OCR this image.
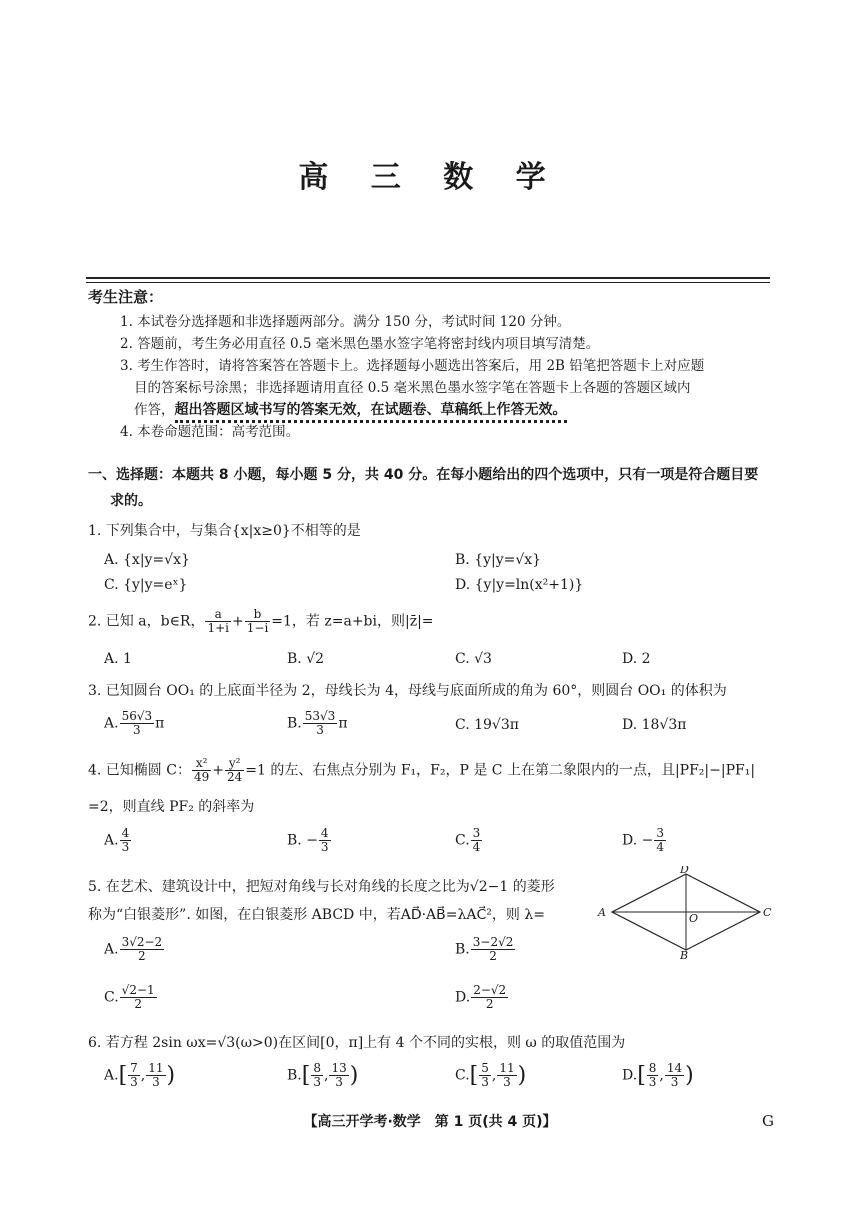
高 三 数 学
考生注意：
1. 本试卷分选择题和非选择题两部分。满分 150 分，考试时间 120 分钟。
2. 答题前，考生务必用直径 0.5 毫米黑色墨水签字笔将密封线内项目填写清楚。
3. 考生作答时，请将答案答在答题卡上。选择题每小题选出答案后，用 2B 铅笔把答题卡上对应题
目的答案标号涂黑；非选择题请用直径 0.5 毫米黑色墨水签字笔在答题卡上各题的答题区域内
作答，超出答题区域书写的答案无效，在试题卷、草稿纸上作答无效。
4. 本卷命题范围：高考范围。
一、选择题：本题共 8 小题，每小题 5 分，共 40 分。在每小题给出的四个选项中，只有一项是符合题目要
求的。
1. 下列集合中，与集合{x|x≥0}不相等的是
A. {x|y=√x}	B. {y|y=√x}
C. {y|y=eˣ}	D. {y|y=ln(x²+1)}
2. 已知 a，b∈R， $\frac{a}{1+i} + \frac{b}{1-i} =1$，若 z=a+bi，则|z̄|=
A. 1	B. √2	C. √3	D. 2
3. 已知圆台 OO₁ 的上底面半径为 2，母线长为 4，母线与底面所成的角为 60°，则圆台 OO₁ 的体积为
A. $\frac{56√3}{3}$ π	B. $\frac{53√3}{3}$ π	C. 19√3π	D. 18√3π
4. 已知椭圆 C： $\frac{\text{x²}}{49} + \frac{\text{y²}}{24} =1$ 的左、右焦点分别为 F₁，F₂，P 是 C 上在第二象限内的一点，且|PF₂|−|PF₁|
=2，则直线 PF₂ 的斜率为
A. $\frac{4}{3}$	B. − $\frac{4}{3}$	C. $\frac{3}{4}$	D. − $\frac{3}{4}$
5. 在艺术、建筑设计中，把短对角线与长对角线的长度之比为√2−1 的菱形
称为“白银菱形”. 如图，在白银菱形 ABCD 中，若AD⃗·AB⃗=λAC⃗²，则 λ=	A	C
D
B
O
A. $\frac{3√2-2}{2}$	B. $\frac{3-2√2}{2}$
C. $\frac{√2-1}{2}$	D. $\frac{2-√2}{2}$
6. 若方程 2sin ωx=√3(ω>0)在区间[0，π]上有 4 个不同的实根，则 ω 的取值范围为
$A.[ \frac{7}{3}$ , $\frac{11}{3}$ )	$B.[ \frac{8}{3}$ , $\frac{13}{3}$ )	$C.[ \frac{5}{3}$ , $\frac{11}{3}$ )	$D.[ \frac{8}{3}$ , $\frac{14}{3}$ )
【高三开学考·数学　第 1 页(共 4 页)】	G
